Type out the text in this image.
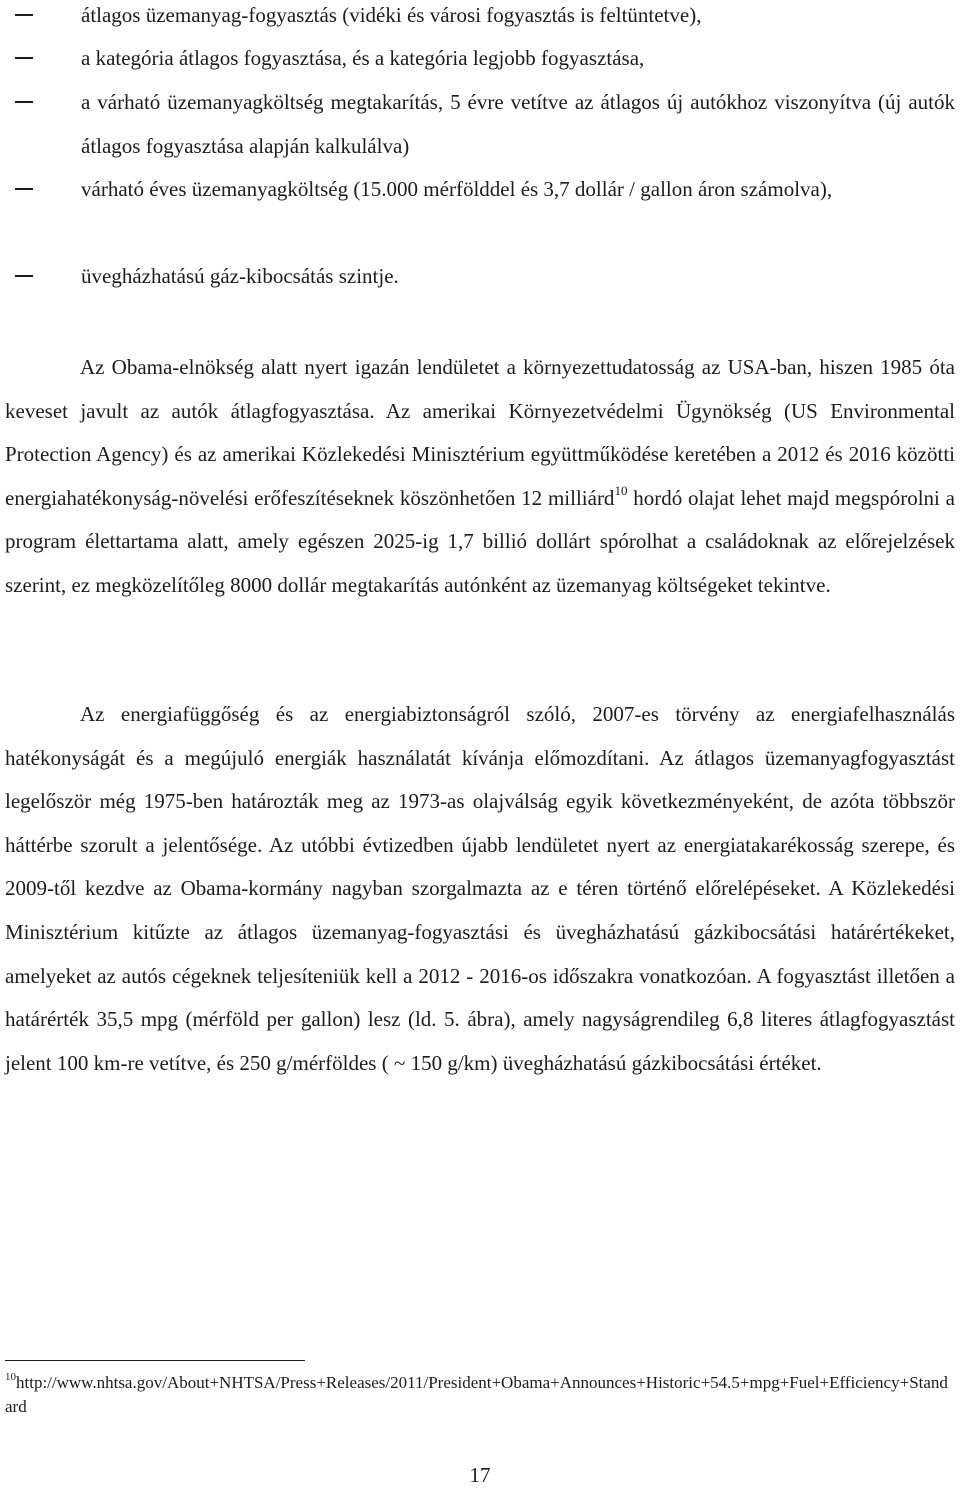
átlagos üzemanyag-fogyasztás (vidéki és városi fogyasztás is feltüntetve),
a kategória átlagos fogyasztása, és a kategória legjobb fogyasztása,
a várható üzemanyagköltség megtakarítás, 5 évre vetítve az átlagos új autókhoz viszonyítva (új autók átlagos fogyasztása alapján kalkulálva)
várható éves üzemanyagköltség (15.000 mérfölddel és 3,7 dollár / gallon áron számolva),
üvegházhatású gáz-kibocsátás szintje.

Az Obama-elnökség alatt nyert igazán lendületet a környezettudatosság az USA-ban, hiszen 1985 óta keveset javult az autók átlagfogyasztása. Az amerikai Környezetvédelmi Ügynökség (US Environmental Protection Agency) és az amerikai Közlekedési Minisztérium együttműködése keretében a 2012 és 2016 közötti energiahatékonyság-növelési erőfeszítéseknek köszönhetően 12 milliárd$^{10}$ hordó olajat lehet majd megspórolni a program élettartama alatt, amely egészen 2025-ig 1,7 billió dollárt spórolhat a családoknak az előrejelzések szerint, ez megközelítőleg 8000 dollár megtakarítás autónként az üzemanyag költségeket tekintve.

Az energiafüggőség és az energiabiztonságról szóló, 2007-es törvény az energiafelhasználás hatékonyságát és a megújuló energiák használatát kívánja előmozdítani. Az átlagos üzemanyagfogyasztást legelőször még 1975-ben határozták meg az 1973-as olajválság egyik következményeként, de azóta többször háttérbe szorult a jelentősége. Az utóbbi évtizedben újabb lendületet nyert az energiatakarékosság szerepe, és 2009-től kezdve az Obama-kormány nagyban szorgalmazta az e téren történő előrelépéseket. A Közlekedési Minisztérium kitűzte az átlagos üzemanyag-fogyasztási és üvegházhatású gázkibocsátási határértékeket, amelyeket az autós cégeknek teljesíteniük kell a 2012 - 2016-os időszakra vonatkozóan. A fogyasztást illetően a határérték 35,5 mpg (mérföld per gallon) lesz (ld. 5. ábra), amely nagyságrendileg 6,8 literes átlagfogyasztást jelent 100 km-re vetítve, és 250 g/mérföldes ( ~ 150 g/km) üvegházhatású gázkibocsátási értéket.

$^{10}$http://www.nhtsa.gov/About+NHTSA/Press+Releases/2011/President+Obama+Announces+Historic+54.5+mpg+Fuel+Efficiency+Standard
17
